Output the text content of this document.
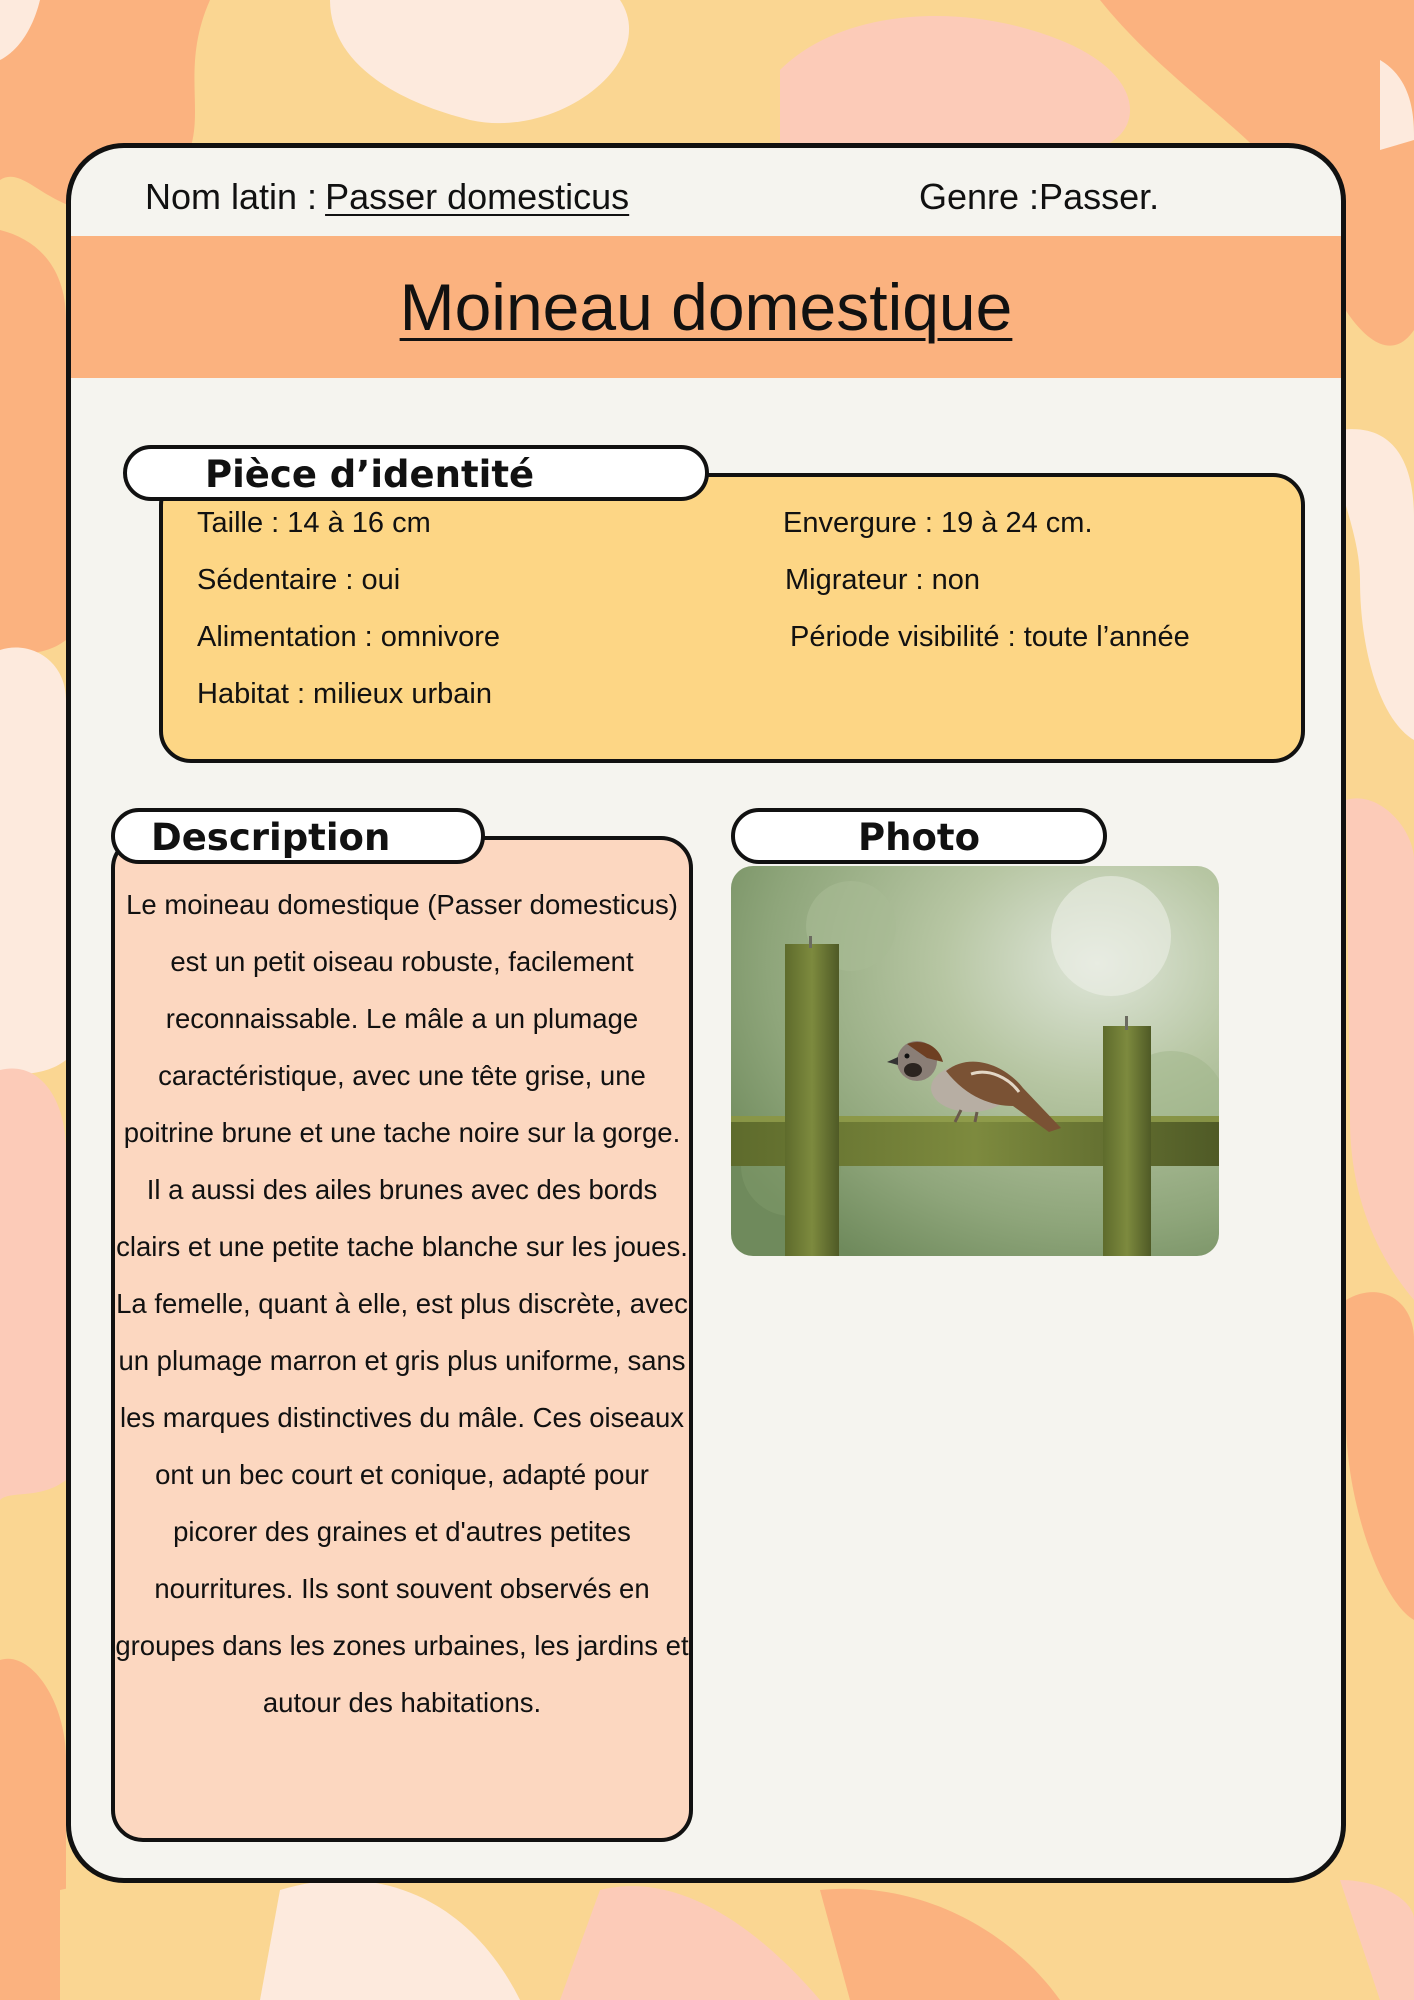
Nom latin : Passer domesticus	Genre :Passer.
Moineau domestique
Pièce d’identité
Taille : 14 à 16 cm	Envergure : 19 à 24 cm.
Sédentaire : oui	Migrateur : non
Alimentation : omnivore	Période visibilité : toute l’année
Habitat : milieux urbain
Description

Le moineau domestique (Passer domesticus) est un petit oiseau robuste, facilement reconnaissable. Le mâle a un plumage caractéristique, avec une tête grise, une poitrine brune et une tache noire sur la gorge. Il a aussi des ailes brunes avec des bords clairs et une petite tache blanche sur les joues. La femelle, quant à elle, est plus discrète, avec un plumage marron et gris plus uniforme, sans les marques distinctives du mâle. Ces oiseaux ont un bec court et conique, adapté pour picorer des graines et d'autres petites nourritures. Ils sont souvent observés en groupes dans les zones urbaines, les jardins et autour des habitations.

Photo
